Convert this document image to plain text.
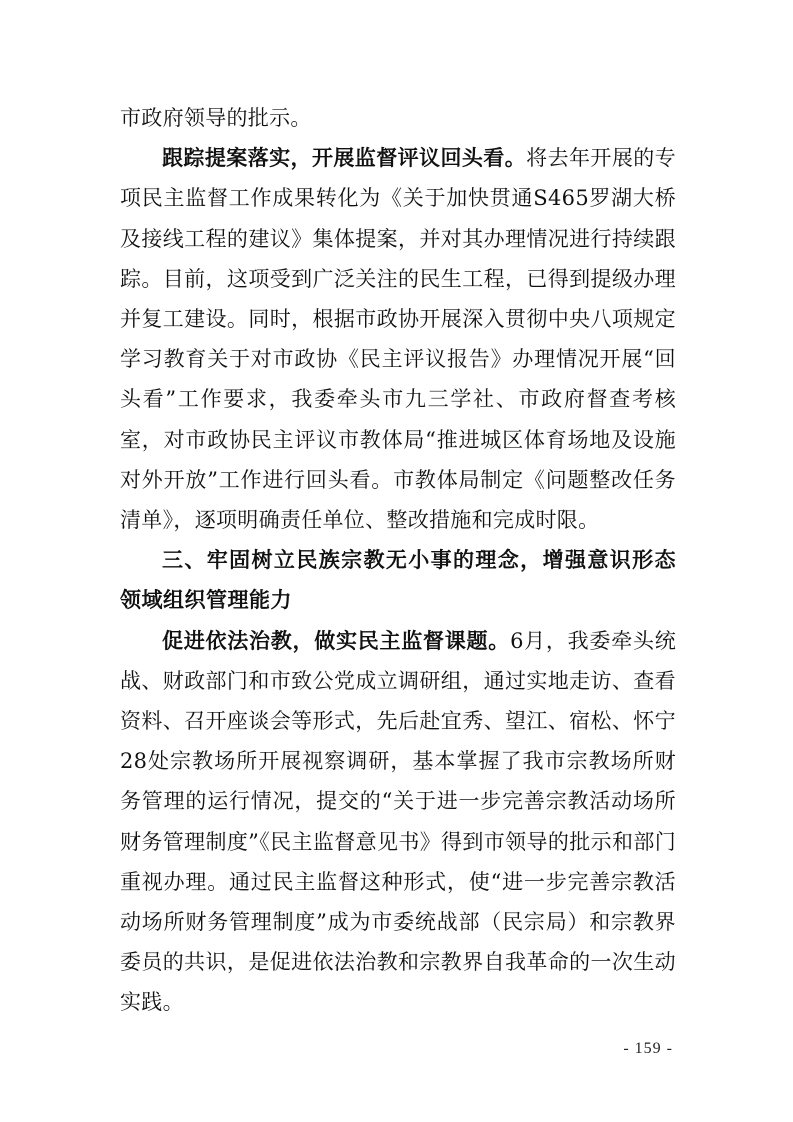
市政府领导的批示。

跟踪提案落实，开展监督评议回头看。将去年开展的专项民主监督工作成果转化为《关于加快贯通S465罗湖大桥及接线工程的建议》集体提案，并对其办理情况进行持续跟踪。目前，这项受到广泛关注的民生工程，已得到提级办理并复工建设。同时，根据市政协开展深入贯彻中央八项规定学习教育关于对市政协《民主评议报告》办理情况开展“回头看”工作要求，我委牵头市九三学社、市政府督查考核室，对市政协民主评议市教体局“推进城区体育场地及设施对外开放”工作进行回头看。市教体局制定《问题整改任务清单》，逐项明确责任单位、整改措施和完成时限。

三、牢固树立民族宗教无小事的理念，增强意识形态领域组织管理能力

促进依法治教，做实民主监督课题。6月，我委牵头统战、财政部门和市致公党成立调研组，通过实地走访、查看资料、召开座谈会等形式，先后赴宜秀、望江、宿松、怀宁28处宗教场所开展视察调研，基本掌握了我市宗教场所财务管理的运行情况，提交的“关于进一步完善宗教活动场所财务管理制度”《民主监督意见书》得到市领导的批示和部门重视办理。通过民主监督这种形式，使“进一步完善宗教活动场所财务管理制度”成为市委统战部（民宗局）和宗教界委员的共识，是促进依法治教和宗教界自我革命的一次生动实践。

- 159 -
